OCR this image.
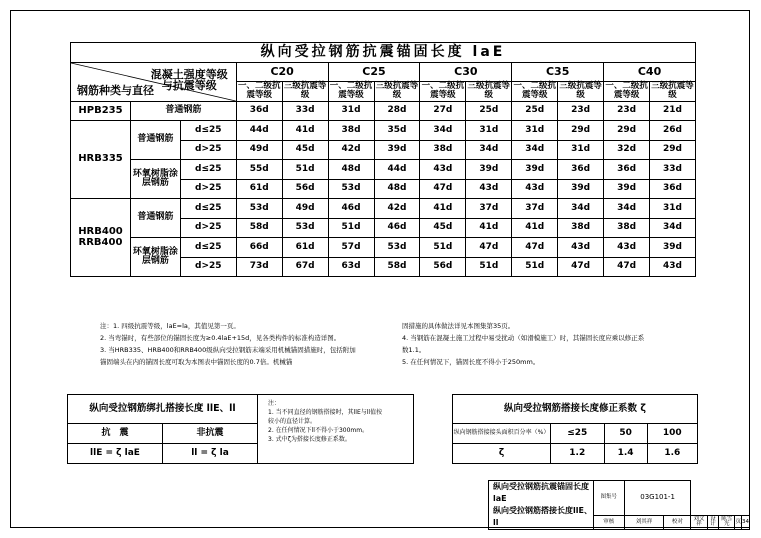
纵向受拉钢筋抗震锚固长度 laE												

混凝土强度等级
与抗震等级
钢筋种类与直径			C20		C25		C30		C35		C40	
			一、二级抗震等级	三级抗震等级	一、二级抗震等级	三级抗震等级	一、二级抗震等级	三级抗震等级	一、二级抗震等级	三级抗震等级	一、二级抗震等级	三级抗震等级
HPB235	普通钢筋		36d	33d	31d	28d	27d	25d	25d	23d	23d	21d
HRB335	普通钢筋	d≤25	44d	41d	38d	35d	34d	31d	31d	29d	29d	26d
		d>25	49d	45d	42d	39d	38d	34d	34d	31d	32d	29d
	环氧树脂涂层钢筋	d≤25	55d	51d	48d	44d	43d	39d	39d	36d	36d	33d
		d>25	61d	56d	53d	48d	47d	43d	43d	39d	39d	36d
HRB400
RRB400	普通钢筋	d≤25	53d	49d	46d	42d	41d	37d	37d	34d	34d	31d
		d>25	58d	53d	51d	46d	45d	41d	41d	38d	38d	34d
	环氧树脂涂层钢筋	d≤25	66d	61d	57d	53d	51d	47d	47d	43d	43d	39d
		d>25	73d	67d	63d	58d	56d	51d	51d	47d	47d	43d
注：1. 四级抗震等级，laE=la，其值见第一页。
2. 当弯锚时，有些部位的锚固长度为≥0.4laE+15d，见各类构件的标准构造详图。
3. 当HRB335、HRB400和RRB400级纵向受拉钢筋末端采用机械锚固措施时，包括附加
锚固端头在内的锚固长度可取为本图表中锚固长度的0.7倍。机械锚
固措施的具体做法详见本图集第35页。
4. 当钢筋在混凝土施工过程中易受扰动（如滑模施工）时，其锚固长度应乘以修正系
数1.1。
5. 在任何情况下，锚固长度不得小于250mm。
纵向受拉钢筋绑扎搭接长度 llE、ll	
抗　震	非抗震
llE = ζ laE	ll = ζ la
注：
1. 当不同直径的钢筋搭接时，其llE与ll值按
较小的直径计算。
2. 在任何情况下ll不得小于300mm。
3. 式中ζ为搭接长度修正系数。
纵向受拉钢筋搭接长度修正系数 ζ			
纵向钢筋搭接接头面积百分率（%）	≤25	50	100
ζ	1.2	1.4	1.6
纵向受拉钢筋抗震锚固长度laE
纵向受拉钢筋搭接长度llE、ll	图集号	03G101-1						
	审核	刘其祥	校对	刘文祥	设计	陈雪光	页	34
